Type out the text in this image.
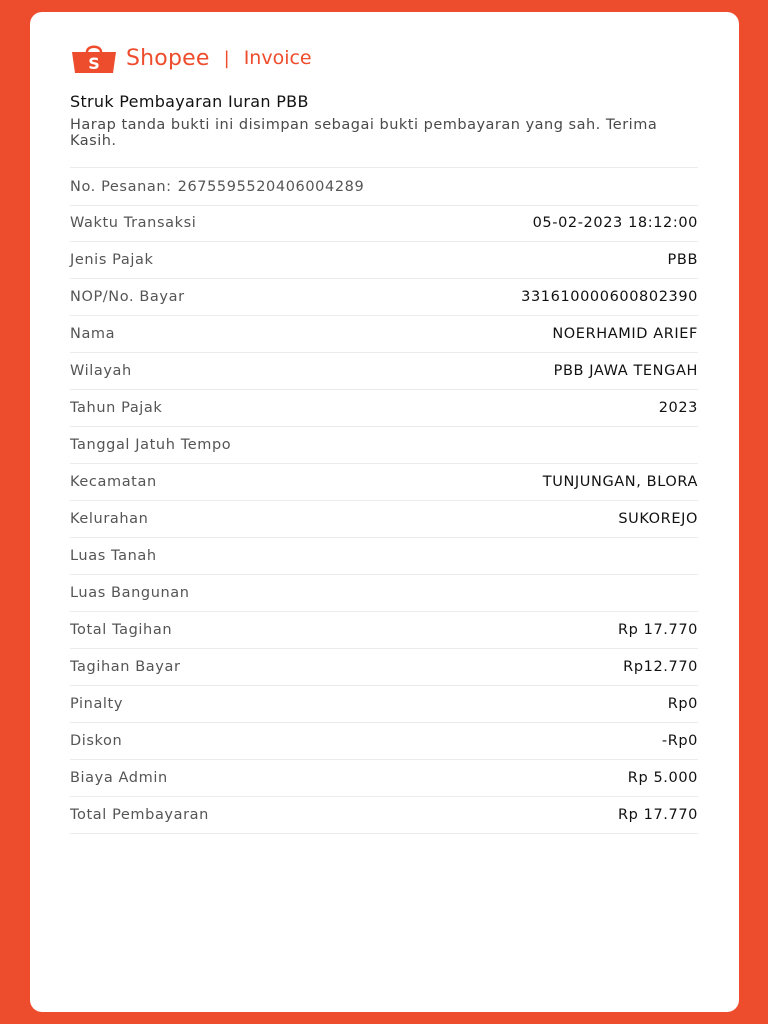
S Shopee | Invoice
Struk Pembayaran Iuran PBB
Harap tanda bukti ini disimpan sebagai bukti pembayaran yang sah. Terima Kasih.
No. Pesanan: 2675595520406004289
Waktu Transaksi	05-02-2023 18:12:00
Jenis Pajak	PBB
NOP/No. Bayar	331610000600802390
Nama	NOERHAMID ARIEF
Wilayah	PBB JAWA TENGAH
Tahun Pajak	2023
Tanggal Jatuh Tempo
Kecamatan	TUNJUNGAN, BLORA
Kelurahan	SUKOREJO
Luas Tanah
Luas Bangunan
Total Tagihan	Rp 17.770
Tagihan Bayar	Rp12.770
Pinalty	Rp0
Diskon	-Rp0
Biaya Admin	Rp 5.000
Total Pembayaran	Rp 17.770
